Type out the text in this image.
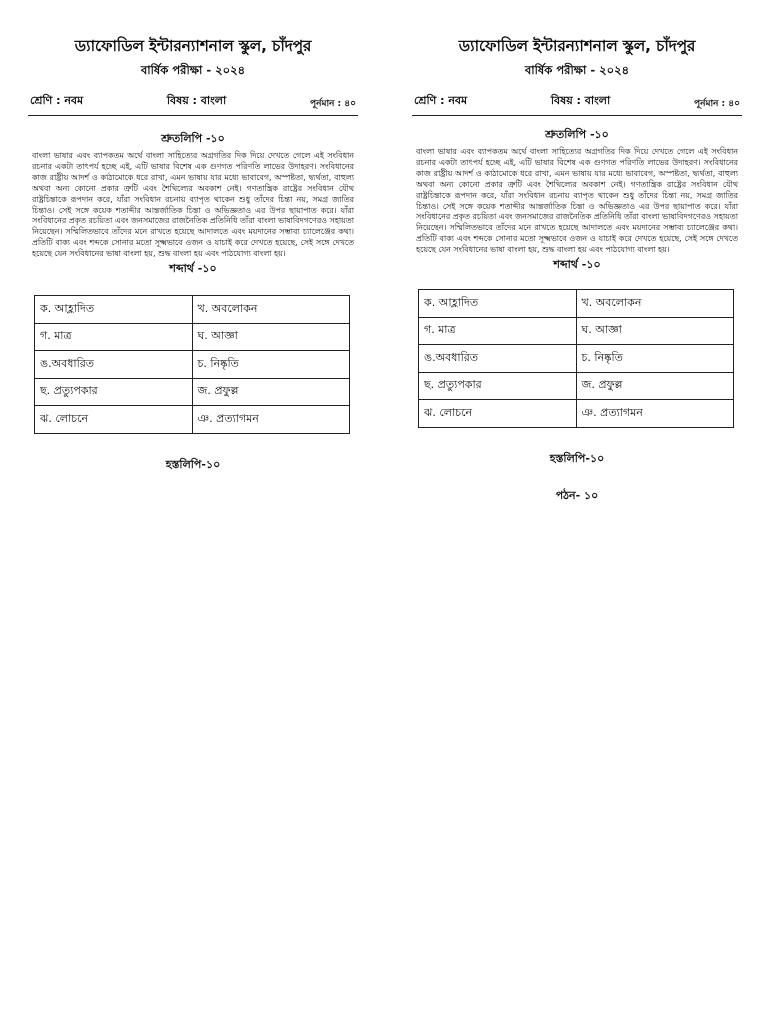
ড্যাফোডিল ইন্টারন্যাশনাল স্কুল, চাঁদপুর
বার্ষিক পরীক্ষা - ২০২৪
শ্রেণি : নবম	বিষয় : বাংলা	পূর্নমান : ৪০
শ্রুতলিপি -১০
বাংলা ভাষার এবং ব্যাপকতম অর্থে বাংলা সাহিত্যের অগ্রগতির দিক দিয়ে দেখতে গেলে এই সংবিধান রচনার একটা তাৎপর্য হচ্ছে এই, এটি ভাষার বিশেষ এক গুণগত পরিণতি লাভের উদাহরণ। সংবিধানের কাজ রাষ্ট্রীয় আদর্শ ও কাঠামোকে ধরে রাখা, এমন ভাষায় যার মধ্যে ভাবাবেগ, অস্পষ্টতা, দ্ব্যর্থতা, বাহুল্য অথবা অন্য কোনো প্রকার ত্রুটি এবং শৈথিল্যের অবকাশ নেই। গণতান্ত্রিক রাষ্ট্রের সংবিধান যৌথ রাষ্ট্রচিন্তাকে রূপদান করে, যাঁরা সংবিধান রচনায় ব্যাপৃত থাকেন শুধু তাঁদের চিন্তা নয়, সমগ্র জাতির চিন্তাও। সেই সঙ্গে কয়েক শতাব্দীর আন্তর্জাতিক চিন্তা ও অভিজ্ঞতাও এর উপর ছায়াপাত করে। যাঁরা সংবিধানের প্রকৃত রচয়িতা এবং জনসমাজের রাজনৈতিক প্রতিনিধি তাঁরা বাংলা ভাষাবিদগণেরও সহায়তা নিয়েছেন। সম্মিলিতভাবে তাঁদের মনে রাখতে হয়েছে আদালতে এবং ময়দানের সম্ভাব্য চ্যালেঞ্জের কথা। প্রতিটি বাক্য এবং শব্দকে সোনার মতো সূক্ষ্মভাবে ওজন ও যাচাই করে দেখতে হয়েছে, সেই সঙ্গে দেখতে হয়েছে যেন সংবিধানের ভাষা বাংলা হয়, শুদ্ধ বাংলা হয় এবং পাঠযোগ্য বাংলা হয়।
শব্দার্থ -১০
ক. আহ্লাদিত	খ. অবলোকন
গ. মাত্র	ঘ. আজ্ঞা
ঙ.অবধারিত	চ. নিষ্কৃতি
ছ. প্রত্যুপকার	জ. প্রফুল্ল
ঝ. লোচনে	ঞ. প্রত্যাগমন
হস্তলিপি-১০
ড্যাফোডিল ইন্টারন্যাশনাল স্কুল, চাঁদপুর
বার্ষিক পরীক্ষা - ২০২৪
শ্রেণি : নবম	বিষয় : বাংলা	পূর্নমান : ৪০
শ্রুতলিপি -১০
বাংলা ভাষার এবং ব্যাপকতম অর্থে বাংলা সাহিত্যের অগ্রগতির দিক দিয়ে দেখতে গেলে এই সংবিধান রচনার একটা তাৎপর্য হচ্ছে এই, এটি ভাষার বিশেষ এক গুণগত পরিণতি লাভের উদাহরণ। সংবিধানের কাজ রাষ্ট্রীয় আদর্শ ও কাঠামোকে ধরে রাখা, এমন ভাষায় যার মধ্যে ভাবাবেগ, অস্পষ্টতা, দ্ব্যর্থতা, বাহুল্য অথবা অন্য কোনো প্রকার ত্রুটি এবং শৈথিল্যের অবকাশ নেই। গণতান্ত্রিক রাষ্ট্রের সংবিধান যৌথ রাষ্ট্রচিন্তাকে রূপদান করে, যাঁরা সংবিধান রচনায় ব্যাপৃত থাকেন শুধু তাঁদের চিন্তা নয়, সমগ্র জাতির চিন্তাও। সেই সঙ্গে কয়েক শতাব্দীর আন্তর্জাতিক চিন্তা ও অভিজ্ঞতাও এর উপর ছায়াপাত করে। যাঁরা সংবিধানের প্রকৃত রচয়িতা এবং জনসমাজের রাজনৈতিক প্রতিনিধি তাঁরা বাংলা ভাষাবিদগণেরও সহায়তা নিয়েছেন। সম্মিলিতভাবে তাঁদের মনে রাখতে হয়েছে আদালতে এবং ময়দানের সম্ভাব্য চ্যালেঞ্জের কথা। প্রতিটি বাক্য এবং শব্দকে সোনার মতো সূক্ষ্মভাবে ওজন ও যাচাই করে দেখতে হয়েছে, সেই সঙ্গে দেখতে হয়েছে যেন সংবিধানের ভাষা বাংলা হয়, শুদ্ধ বাংলা হয় এবং পাঠযোগ্য বাংলা হয়।
শব্দার্থ -১০
ক. আহ্লাদিত	খ. অবলোকন
গ. মাত্র	ঘ. আজ্ঞা
ঙ.অবধারিত	চ. নিষ্কৃতি
ছ. প্রত্যুপকার	জ. প্রফুল্ল
ঝ. লোচনে	ঞ. প্রত্যাগমন
হস্তলিপি-১০
পঠন- ১০
